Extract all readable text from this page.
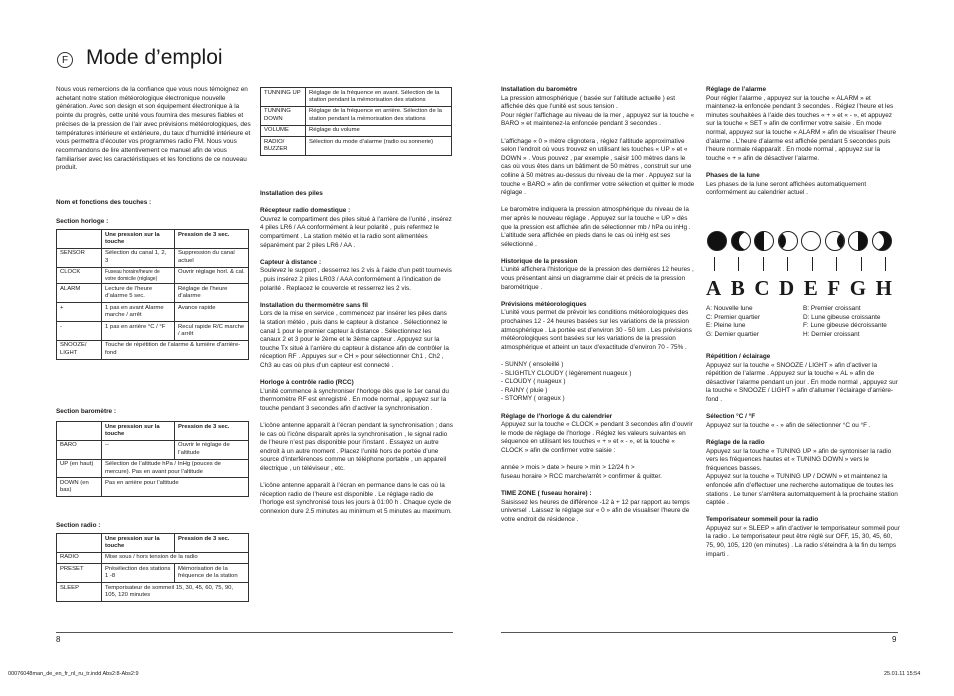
F Mode d’emploi
Nous vous remercions de la confiance que vous nous témoignez en achetant notre station météorologique électronique nouvelle génération. Avec son design et son équipement électronique à la pointe du progrès, cette unité vous fournira des mesures fiables et précises de la pression de l’air avec prévisions météorologiques, des températures intérieure et extérieure, du taux d’humidité intérieure et vous permettra d’écouter vos programmes radio FM. Nous vous recommandons de lire attentivement ce manuel afin de vous familiariser avec les caractéristiques et les fonctions de ce nouveau produit.
Nom et fonctions des touches :
Section horloge :
	Une pression sur la touche	Pression de 3 sec.
SENSOR	Sélection du canal 1, 2, 3	Suppression du canal actuel
CLOCK	Fuseau horaire/heure de votre domicile (réglage)	Ouvrir réglage horl. & cal.
ALARM	Lecture de l’heure d’alarme 5 sec.	Réglage de l’heure d’alarme
+	1 pas en avant Alarme marche / arrêt	Avance rapide
-	1 pas en arrière °C / °F	Recul rapide R/C marche / arrêt
SNOOZE/ LIGHT	Touche de répétition de l’alarme & lumière d’arrière-fond	
Section baromètre :
	Une pression sur la touche	Pression de 3 sec.
BARO	--	Ouvrir le réglage de l’altitude
UP (en haut)	Sélection de l’altitude hPa / InHg (pouces de mercure). Pas en avant pour l’altitude	
DOWN (en bas)	Pas en arrière pour l’altitude	
Section radio :
	Une pression sur la touche	Pression de 3 sec.
RADIO	Mise sous / hors tension de la radio	
PRESET	Présélection des stations 1 -8	Mémorisation de la fréquence de la station
SLEEP	Temporisateur de sommeil 15, 30, 45, 60, 75, 90, 105, 120 minutes	
TUNNING UP	Réglage de la fréquence en avant. Sélection de la station pendant la mémorisation des stations
TUNNING DOWN	Réglage de la fréquence en arrière. Sélection de la station pendant la mémorisation des stations
VOLUME	Réglage du volume
RADIO/ BUZZER	Sélection du mode d’alarme (radio ou sonnerie)
Installation des piles
Récepteur radio domestique :
Ouvrez le compartiment des piles situé à l’arrière de l’unité , insérez 4 piles LR6 / AA conformément à leur polarité , puis refermez le compartiment . La station météo et la radio sont alimentées séparément par 2 piles LR6 / AA .
Capteur à distance :
Soulevez le support , desserrez les 2 vis à l’aide d’un petit tournevis , puis insérez 2 piles LR03 / AAA conformément à l’indication de polarité . Replacez le couvercle et resserrez les 2 vis.
Installation du thermomètre sans fil
Lors de la mise en service , commencez par insérer les piles dans la station météo , puis dans le capteur à distance . Sélectionnez le canal 1 pour le premier capteur à distance . Sélectionnez les canaux 2 et 3 pour le 2ème et le 3ème capteur . Appuyez sur la touche Tx situé à l’arrière du capteur à distance afin de contrôler la réception RF . Appuyes sur « CH » pour sélectionner Ch1 , Ch2 , Ch3 au cas où plus d’un capteur est connecté .
Horloge à contrôle radio (RCC)
L’unité commence à synchroniser l’horloge dès que le 1er canal du thermomètre RF est enregistré . En mode normal , appuyez sur la touche pendant 3 secondes afin d’activer la synchronisation .
L’icône antenne apparaît à l’écran pendant la synchronisation ; dans le cas où l’icône disparaît après la synchronisation , le signal radio de l’heure n’est pas disponible pour l’instant . Essayez un autre endroit à un autre moment . Placez l’unité hors de portée d’une source d’interférences comme un téléphone portable , un appareil électrique , un téléviseur , etc.
L’icône antenne apparaît à l’écran en permance dans le cas où la réception radio de l’heure est disponible . Le réglage radio de l’horloge est synchronisé tous les jours à 01:00 h . Chaque cycle de connexion dure 2.5 minutes au minimum et 5 minutes au maximum.
Installation du baromètre
La pression atmosphérique ( basée sur l’altitude actuelle ) est affichée dès que l’unité est sous tension .
Pour régler l’affichage au niveau de la mer , appuyez sur la touche « BARO » et maintenez-la enfoncée pendant 3 secondes .
L’affichage « 0 » mètre clignotera , réglez l’altitude approximative selon l’endroit où vous trouvez en utilisant les touches « UP » et « DOWN » . Vous pouvez , par exemple , saisir 100 mètres dans le cas où vous êtes dans un bâtiment de 50 mètres , construit sur une colline à 50 mètres au-dessus du niveau de la mer . Appuyez sur la touche « BARO » afin de confirmer votre sélection et quitter le mode réglage .
Le baromètre indiquera la pression atmosphérique du niveau de la mer après le nouveau réglage . Appuyez sur la touche « UP » dès que la pression est affichée afin de sélectionner mb / hPa ou inHg . L’altitude sera affichée en pieds dans le cas où inHg est ses sélectionné .
Historique de la pression
L’unité affichera l’historique de la pression des dernières 12 heures , vous présentant ainsi un diagramme clair et précis de la pression barométrique .
Prévisions météorologiques
L’unité vous permet de prévoir les conditions météorologiques des prochaines 12 - 24 heures basées sur les variations de la pression atmosphérique . La portée est d’environ 30 - 50 km . Les prévisions météorologiques sont basées sur les variations de la pression atmosphérique et atteint un taux d’exactitude d’environ 70 - 75% .
- SUNNY ( ensoleillé )
- SLIGHTLY CLOUDY ( légèrement nuageux )
- CLOUDY ( nuageux )
- RAINY ( pluie )
- STORMY ( orageux )
Réglage de l’horloge & du calendrier
Appuyez sur la touche « CLOCK » pendant 3 secondes afin d’ouvrir le mode de réglage de l’horloge . Réglez les valeurs suivantes en séquence en utilisant les touches « + » et « - », et la touche « CLOCK » afin de confirmer votre saisie :
année > mois > date > heure > min > 12/24 h >
fuseau horaire > RCC marche/arrêt > confirmer & quitter.
TIME ZONE ( fuseau horaire) :
Saisissez les heures de différence -12 à + 12 par rapport au temps universel . Laissez le réglage sur « 0 » afin de visualiser l’heure de votre endroit de résidence .
Réglage de l’alarme
Pour régler l’alarme , appuyez sur la touche « ALARM » et maintenez-la enfoncée pendant 3 secondes . Réglez l’heure et les minutes souhaitées à l’aide des touches « + » et « - », et appuyez sur la touche « SET » afin de confirmer votre saisie . En mode normal, appuyez sur la touche « ALARM » afin de visualiser l’heure d’alarme . L’heure d’alarme est affichée pendant 5 secondes puis l’heure normale réapparaît . En mode normal , appuyez sur la touche « + » afin de désactiver l’alarme.
Phases de la lune
Les phases de la lune seront affichées automatiquement conformément au calendrier actuel .
A B C D E F G H
A: Nouvelle lune	B: Premier croissant
C: Premier quartier	D: Lune gibeuse croissante
E: Pleine lune	F: Lune gibeuse décroissante
G: Dernier quartier	H: Dernier croissant
Répétition / éclairage
Appuyez sur la touche « SNOOZE / LIGHT » afin d’activer la répétition de l’alarme . Appuyez sur la touche « AL » afin de désactiver l’alarme pendant un jour . En mode normal , appuyez sur la touche « SNOOZE / LIGHT » afin d’allumer l’éclairage d’arrière-fond .
Sélection °C / °F
Appuyez sur la touche « - » afin de sélectionner °C ou °F .
Réglage de la radio
Appuyez sur la touche « TUNING UP » afin de syntoniser la radio vers les fréquences hautes et « TUNING DOWN » vers le fréquences basses.
Appuyez sur la touche « TUNING UP / DOWN » et maintenez la enfoncée afin d’effectuer une recherche automatique de toutes les stations . Le tuner s’arrêtera automatquement à la prochaine station captée .
Temporisateur sommeil pour la radio
Appuyez sur « SLEEP » afin d’activer le temporisateur sommeil pour la radio . Le temporisateur peut être réglé sur OFF, 15, 30, 45, 60, 75, 90, 105, 120 (en minutes) . La radio s’éteindra à la fin du temps imparti .
8	9
00076048man_de_en_fr_nl_ru_tr.indd Abs2:8-Abs2:9	25.01.11 15:54
